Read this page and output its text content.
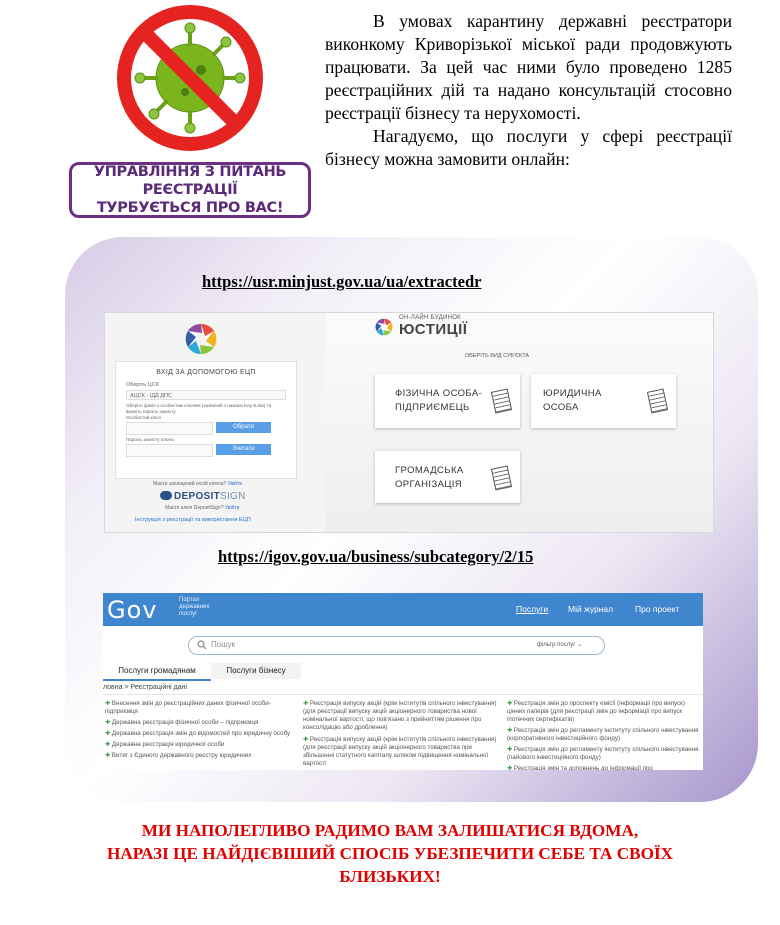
УПРАВЛІННЯ З ПИТАНЬ РЕЄСТРАЦІЇ
ТУРБУЄТЬСЯ ПРО ВАС!

В умовах карантину державні реєстратори виконкому Криворізької міської ради продовжують працювати. За цей час ними було проведено 1285 реєстраційних дій та надано консультацій стосовно реєстрації бізнесу та нерухомості.

Нагадуємо, що послуги у сфері реєстрації бізнесу можна замовити онлайн:

https://usr.minjust.gov.ua/ua/extractedr
ВХІД ЗА ДОПОМОГОЮ ЕЦП
Оберіть ЦСК
АЦСК - ІДД ДПС
Оберіть файл з особистим ключем (зазвичай з назвою Key-6.dat) та вкажіть пароль захисту
Особистий ключ
Обрати
Пароль захисту ключа
Зчитати
Маєте захищений носій ключа? Увійти
DEPOSITSIGN
Маєте ключ DepositSign? Увійти
Інструкція з реєстрації та використання ЕЦП
ОН-ЛАЙН БУДИНОК
ЮСТИЦІЇ
ОБЕРІТЬ ВИД СУБ'ЄКТА
ФІЗИЧНА ОСОБА-
ПІДПРИЄМЕЦЬ
ЮРИДИЧНА
ОСОБА
ГРОМАДСЬКА
ОРГАНІЗАЦІЯ
https://igov.gov.ua/business/subcategory/2/15
Gov	Портал
державних
послуг	Послуги Мій журнал	Про проект
Пошук	фільтр послуг ⌄
Послуги громадянам	Послуги бізнесу
ловна > Реєстраційні дані
✚ Внесення змін до реєстраційних даних фізичної особи-підприємця
✚ Державна реєстрація фізичної особи – підприємця
✚ Державна реєстрація змін до відомостей про юридичну особу
✚ Державна реєстрація юридичної особи
✚ Витяг з Єдиного державного реєстру юридичних
✚ Реєстрація випуску акцій (крім інститутів спільного інвестування) (для реєстрації випуску акцій акціонерного товариства нової номінальної вартості, що пов'язано з прийняттям рішення про консолідацію або дроблення)
✚ Реєстрація випуску акцій (крім інститутів спільного інвестування) (для реєстрації випуску акцій акціонерного товариства при збільшенні статутного капіталу шляхом підвищення номінальної вартості
✚ Реєстрація змін до проспекту емісії (інформації про випуск) цінних паперів (для реєстрації змін до інформації про випуск іпотечних сертифікатів)
✚ Реєстрація змін до регламенту інституту спільного інвестування (корпоративного інвестиційного фонду)
✚ Реєстрація змін до регламенту інституту спільного інвестування (пайового інвестиційного фонду)
✚ Реєстрація змін та доповнень до інформації про
МИ НАПОЛЕГЛИВО РАДИМО ВАМ ЗАЛИШАТИСЯ ВДОМА,
НАРАЗІ ЦЕ НАЙДІЄВІШИЙ СПОСІБ УБЕЗПЕЧИТИ СЕБЕ ТА СВОЇХ
БЛИЗЬКИХ!
